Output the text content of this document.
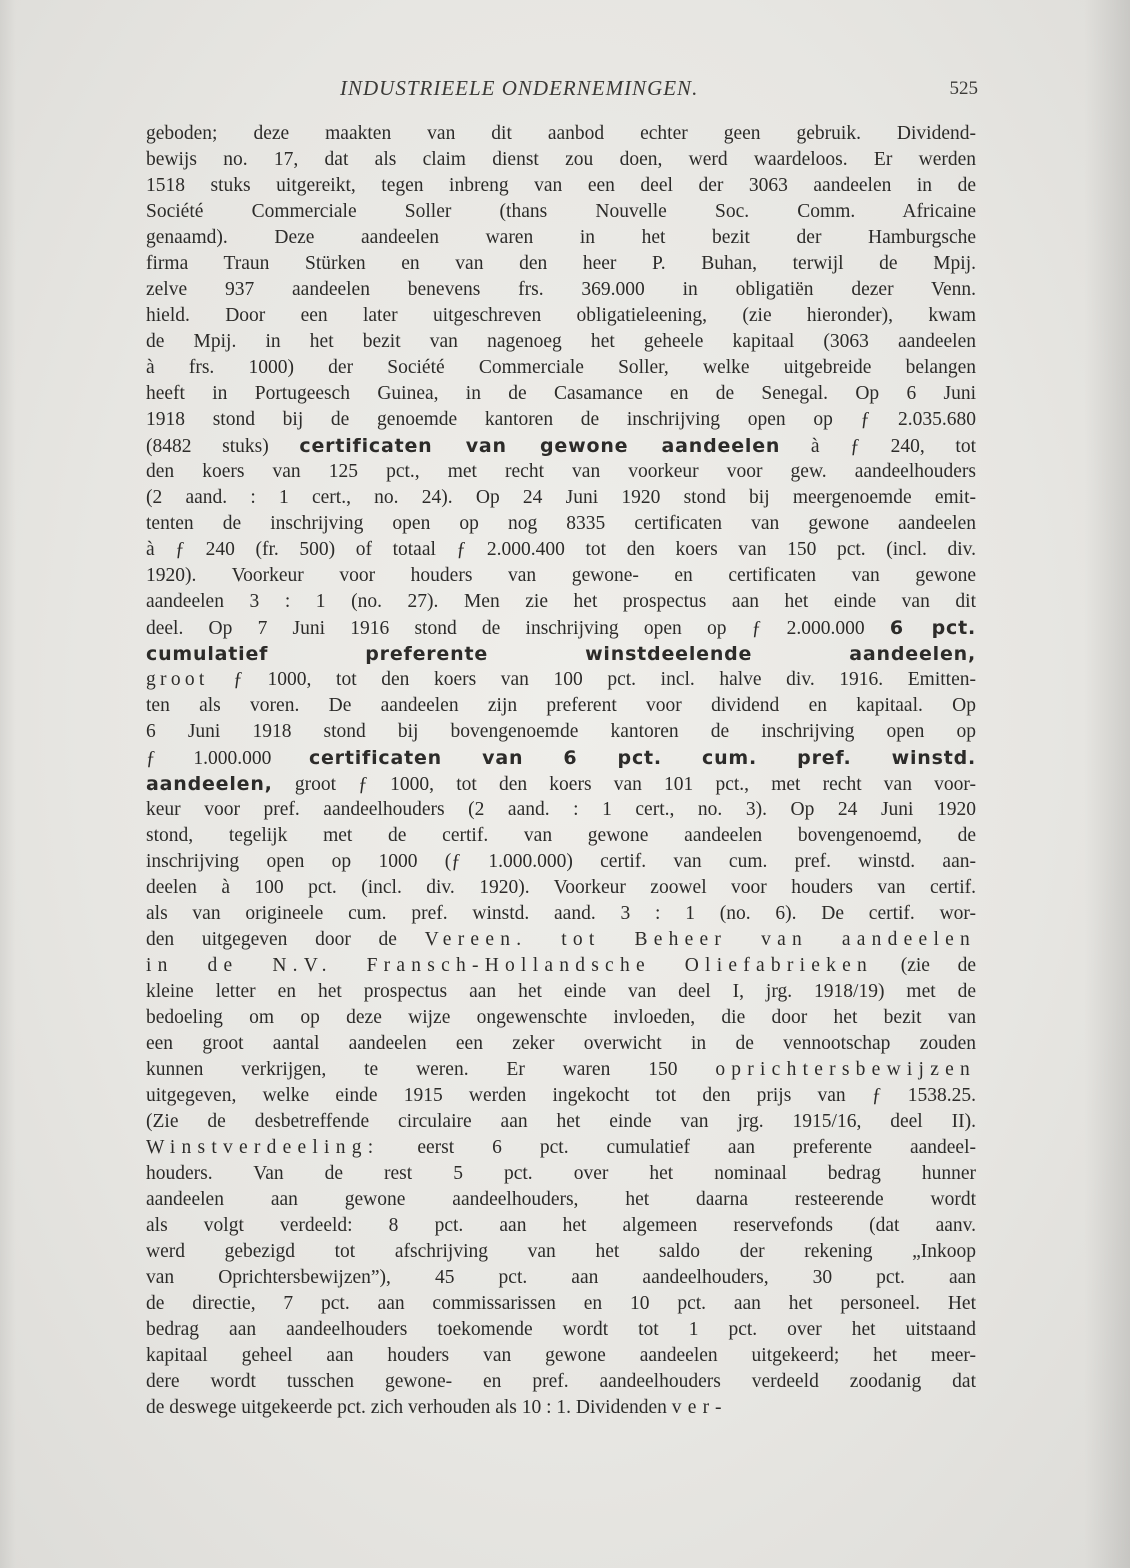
INDUSTRIEELE ONDERNEMINGEN.	525
geboden; deze maakten van dit aanbod echter geen gebruik. Dividend-
bewijs no. 17, dat als claim dienst zou doen, werd waardeloos. Er werden
1518 stuks uitgereikt, tegen inbreng van een deel der 3063 aandeelen in de
Société Commerciale Soller (thans Nouvelle Soc. Comm. Africaine
genaamd). Deze aandeelen waren in het bezit der Hamburgsche
firma Traun Stürken en van den heer P. Buhan, terwijl de Mpij.
zelve 937 aandeelen benevens frs. 369.000 in obligatiën dezer Venn.
hield. Door een later uitgeschreven obligatieleening, (zie hieronder), kwam
de Mpij. in het bezit van nagenoeg het geheele kapitaal (3063 aandeelen
à frs. 1000) der Société Commerciale Soller, welke uitgebreide belangen
heeft in Portugeesch Guinea, in de Casamance en de Senegal. Op 6 Juni
1918 stond bij de genoemde kantoren de inschrijving open op ƒ 2.035.680
(8482 stuks) certificaten van gewone aandeelen à ƒ 240, tot
den koers van 125 pct., met recht van voorkeur voor gew. aandeelhouders
(2 aand. : 1 cert., no. 24). Op 24 Juni 1920 stond bij meergenoemde emit-
tenten de inschrijving open op nog 8335 certificaten van gewone aandeelen
à ƒ 240 (fr. 500) of totaal ƒ 2.000.400 tot den koers van 150 pct. (incl. div.
1920). Voorkeur voor houders van gewone- en certificaten van gewone
aandeelen 3 : 1 (no. 27). Men zie het prospectus aan het einde van dit
deel. Op 7 Juni 1916 stond de inschrijving open op ƒ 2.000.000 6 pct.
cumulatief preferente winstdeelende aandeelen,
groot ƒ 1000, tot den koers van 100 pct. incl. halve div. 1916. Emitten-
ten als voren. De aandeelen zijn preferent voor dividend en kapitaal. Op
6 Juni 1918 stond bij bovengenoemde kantoren de inschrijving open op
ƒ 1.000.000 certificaten van 6 pct. cum. pref. winstd.
aandeelen, groot ƒ 1000, tot den koers van 101 pct., met recht van voor-
keur voor pref. aandeelhouders (2 aand. : 1 cert., no. 3). Op 24 Juni 1920
stond, tegelijk met de certif. van gewone aandeelen bovengenoemd, de
inschrijving open op 1000 (ƒ 1.000.000) certif. van cum. pref. winstd. aan-
deelen à 100 pct. (incl. div. 1920). Voorkeur zoowel voor houders van certif.
als van origineele cum. pref. winstd. aand. 3 : 1 (no. 6). De certif. wor-
den uitgegeven door de Vereen. tot Beheer van aandeelen
in de N.V. Fransch-Hollandsche Oliefabrieken (zie de
kleine letter en het prospectus aan het einde van deel I, jrg. 1918/19) met de
bedoeling om op deze wijze ongewenschte invloeden, die door het bezit van
een groot aantal aandeelen een zeker overwicht in de vennootschap zouden
kunnen verkrijgen, te weren. Er waren 150 oprichtersbewijzen
uitgegeven, welke einde 1915 werden ingekocht tot den prijs van ƒ 1538.25.
(Zie de desbetreffende circulaire aan het einde van jrg. 1915/16, deel II).
Winstverdeeling: eerst 6 pct. cumulatief aan preferente aandeel-
houders. Van de rest 5 pct. over het nominaal bedrag hunner
aandeelen aan gewone aandeelhouders, het daarna resteerende wordt
als volgt verdeeld: 8 pct. aan het algemeen reservefonds (dat aanv.
werd gebezigd tot afschrijving van het saldo der rekening „Inkoop
van Oprichtersbewijzen”), 45 pct. aan aandeelhouders, 30 pct. aan
de directie, 7 pct. aan commissarissen en 10 pct. aan het personeel. Het
bedrag aan aandeelhouders toekomende wordt tot 1 pct. over het uitstaand
kapitaal geheel aan houders van gewone aandeelen uitgekeerd; het meer-
dere wordt tusschen gewone- en pref. aandeelhouders verdeeld zoodanig dat
de deswege uitgekeerde pct. zich verhouden als 10 : 1. Dividenden ver-
